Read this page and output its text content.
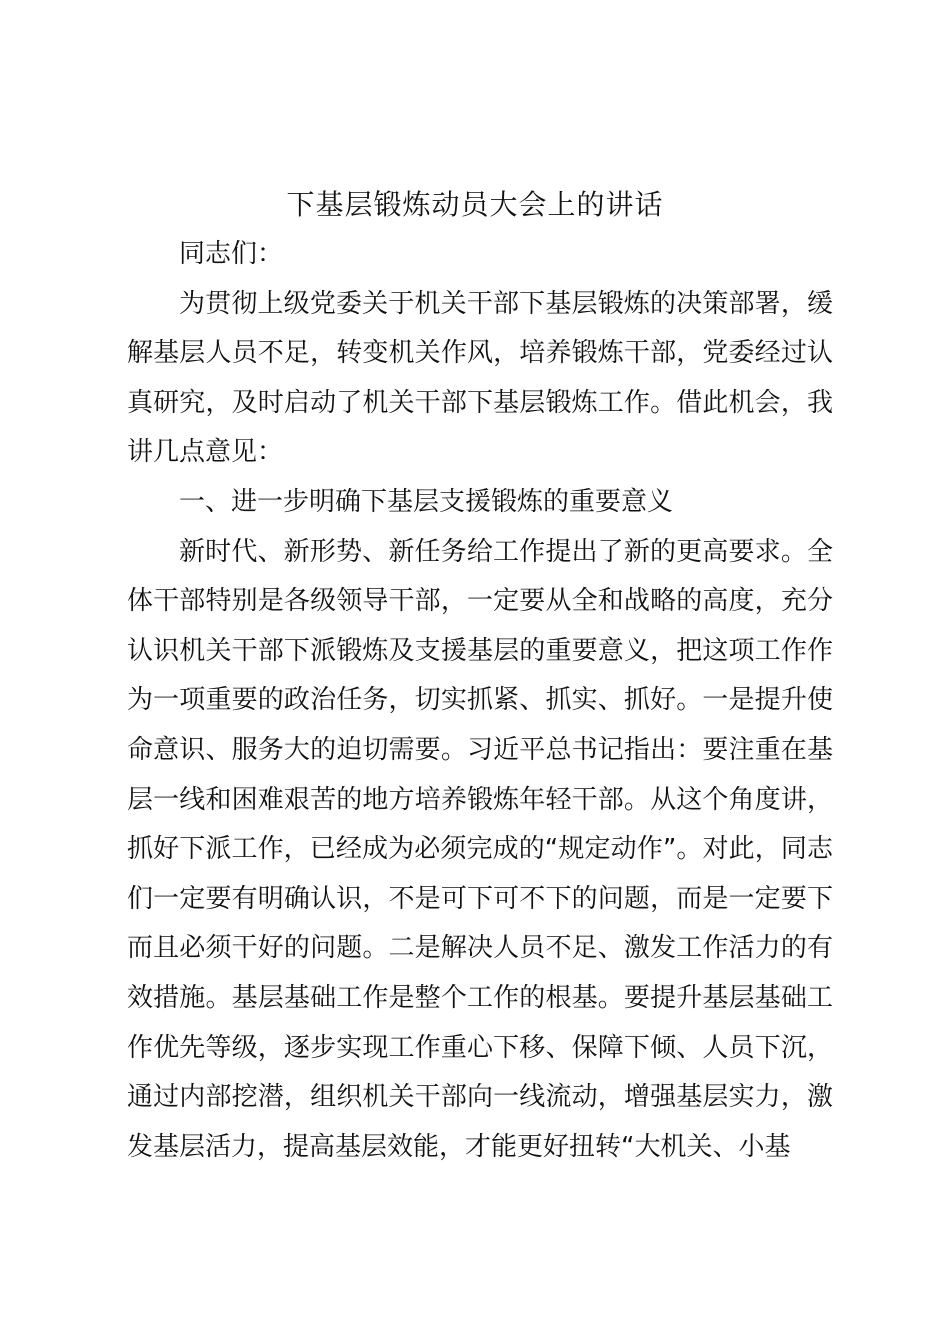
下基层锻炼动员大会上的讲话

同志们：

为贯彻上级党委关于机关干部下基层锻炼的决策部署，缓解基层人员不足，转变机关作风，培养锻炼干部，党委经过认真研究，及时启动了机关干部下基层锻炼工作。借此机会，我讲几点意见：

一、进一步明确下基层支援锻炼的重要意义

新时代、新形势、新任务给工作提出了新的更高要求。全体干部特别是各级领导干部，一定要从全和战略的高度，充分认识机关干部下派锻炼及支援基层的重要意义，把这项工作作为一项重要的政治任务，切实抓紧、抓实、抓好。一是提升使命意识、服务大的迫切需要。习近平总书记指出：要注重在基层一线和困难艰苦的地方培养锻炼年轻干部。从这个角度讲，抓好下派工作，已经成为必须完成的“规定动作”。对此，同志们一定要有明确认识，不是可下可不下的问题，而是一定要下而且必须干好的问题。二是解决人员不足、激发工作活力的有效措施。基层基础工作是整个工作的根基。要提升基层基础工作优先等级，逐步实现工作重心下移、保障下倾、人员下沉，通过内部挖潜，组织机关干部向一线流动，增强基层实力，激发基层活力，提高基层效能，才能更好扭转“大机关、小基
